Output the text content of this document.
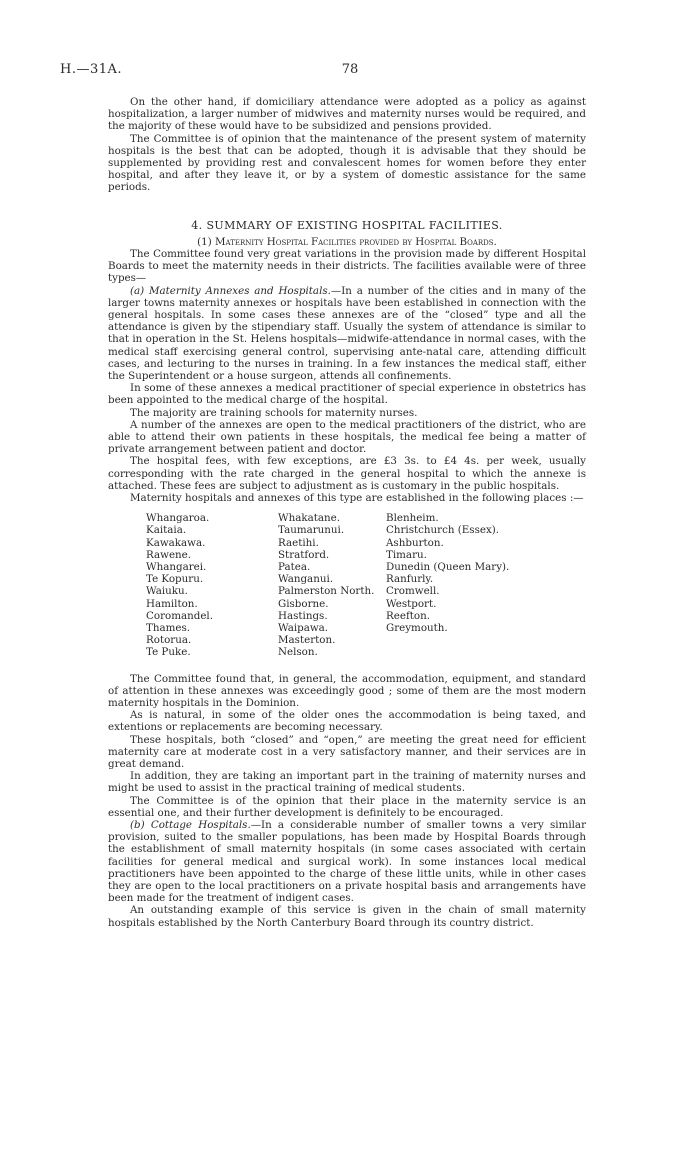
H.—31A.	78

On the other hand, if domiciliary attendance were adopted as a policy as against hospitalization, a larger number of midwives and maternity nurses would be required, and the majority of these would have to be subsidized and pensions provided.

The Committee is of opinion that the maintenance of the present system of maternity hospitals is the best that can be adopted, though it is advisable that they should be supplemented by providing rest and convalescent homes for women before they enter hospital, and after they leave it, or by a system of domestic assistance for the same periods.

4. SUMMARY OF EXISTING HOSPITAL FACILITIES.
(1) Maternity Hospital Facilities provided by Hospital Boards.

The Committee found very great variations in the provision made by different Hospital Boards to meet the maternity needs in their districts. The facilities available were of three types—

(a) Maternity Annexes and Hospitals.—In a number of the cities and in many of the larger towns maternity annexes or hospitals have been established in connection with the general hospitals. In some cases these annexes are of the “closed” type and all the attendance is given by the stipendiary staff. Usually the system of attendance is similar to that in operation in the St. Helens hospitals—midwife-attendance in normal cases, with the medical staff exercising general control, supervising ante-natal care, attending difficult cases, and lecturing to the nurses in training. In a few instances the medical staff, either the Superintendent or a house surgeon, attends all confinements.

In some of these annexes a medical practitioner of special experience in obstetrics has been appointed to the medical charge of the hospital.

The majority are training schools for maternity nurses.

A number of the annexes are open to the medical practitioners of the district, who are able to attend their own patients in these hospitals, the medical fee being a matter of private arrangement between patient and doctor.

The hospital fees, with few exceptions, are £3 3s. to £4 4s. per week, usually corresponding with the rate charged in the general hospital to which the annexe is attached. These fees are subject to adjustment as is customary in the public hospitals.

Maternity hospitals and annexes of this type are established in the following places :—

Whangaroa.
Kaitaia.
Kawakawa.
Rawene.
Whangarei.
Te Kopuru.
Waiuku.
Hamilton.
Coromandel.
Thames.
Rotorua.
Te Puke.
Whakatane.
Taumarunui.
Raetihi.
Stratford.
Patea.
Wanganui.
Palmerston North.
Gisborne.
Hastings.
Waipawa.
Masterton.
Nelson.
Blenheim.
Christchurch (Essex).
Ashburton.
Timaru.
Dunedin (Queen Mary).
Ranfurly.
Cromwell.
Westport.
Reefton.
Greymouth.

The Committee found that, in general, the accommodation, equipment, and standard of attention in these annexes was exceedingly good ; some of them are the most modern maternity hospitals in the Dominion.

As is natural, in some of the older ones the accommodation is being taxed, and extentions or replacements are becoming necessary.

These hospitals, both “closed” and “open,” are meeting the great need for efficient maternity care at moderate cost in a very satisfactory manner, and their services are in great demand.

In addition, they are taking an important part in the training of maternity nurses and might be used to assist in the practical training of medical students.

The Committee is of the opinion that their place in the maternity service is an essential one, and their further development is definitely to be encouraged.

(b) Cottage Hospitals.—In a considerable number of smaller towns a very similar provision, suited to the smaller populations, has been made by Hospital Boards through the establishment of small maternity hospitals (in some cases associated with certain facilities for general medical and surgical work). In some instances local medical practitioners have been appointed to the charge of these little units, while in other cases they are open to the local practitioners on a private hospital basis and arrangements have been made for the treatment of indigent cases.

An outstanding example of this service is given in the chain of small maternity hospitals established by the North Canterbury Board through its country district.
